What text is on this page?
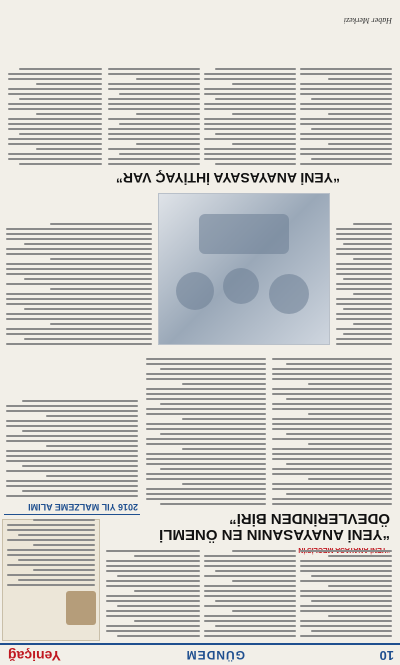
10
GÜNDEM
Yeniçağ
“YENİ ANAYASANIN EN ÖNEMLİ ÖDEVLERİNDEN BİRİ”
2016 YIL MALZEME ALIMI
“YENİ ANAYASAYA İHTİYAÇ VAR”
Haber Merkezi
